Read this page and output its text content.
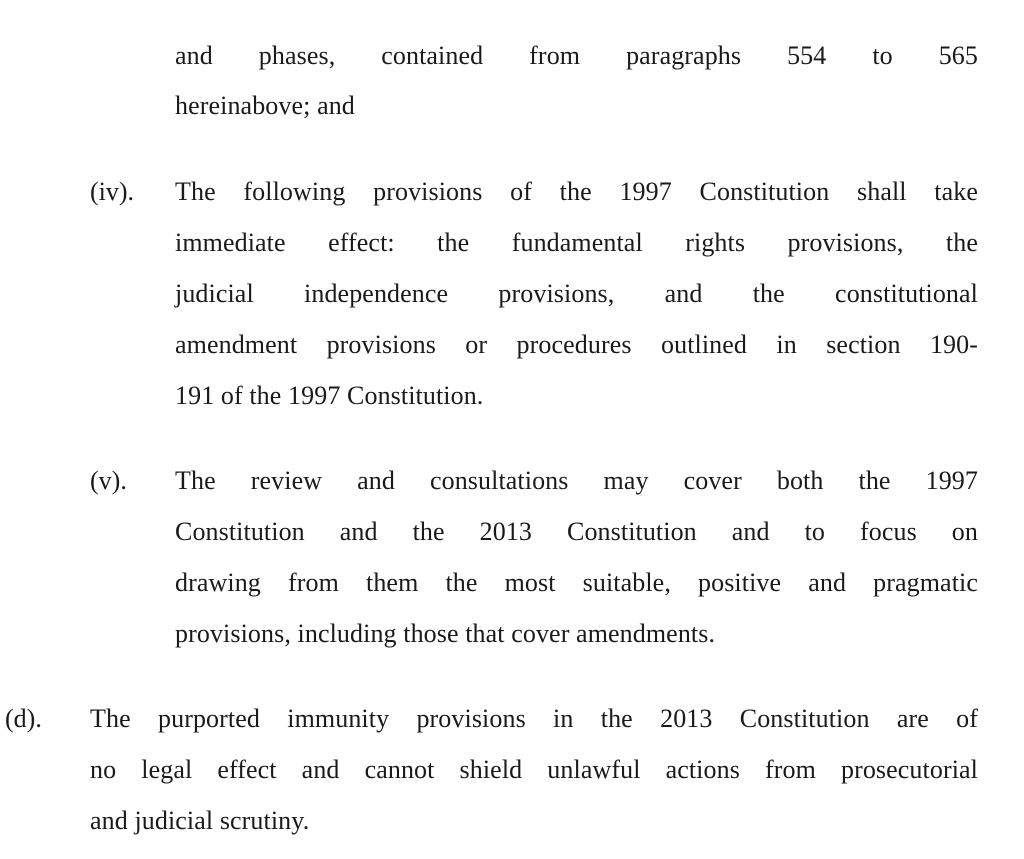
and phases, contained from paragraphs 554 to 565
hereinabove; and
(iv). The following provisions of the 1997 Constitution shall take
immediate effect: the fundamental rights provisions, the
judicial independence provisions, and the constitutional
amendment provisions or procedures outlined in section 190-
191 of the 1997 Constitution.
(v). The review and consultations may cover both the 1997
Constitution and the 2013 Constitution and to focus on
drawing from them the most suitable, positive and pragmatic
provisions, including those that cover amendments.
(d). The purported immunity provisions in the 2013 Constitution are of
no legal effect and cannot shield unlawful actions from prosecutorial
and judicial scrutiny.
